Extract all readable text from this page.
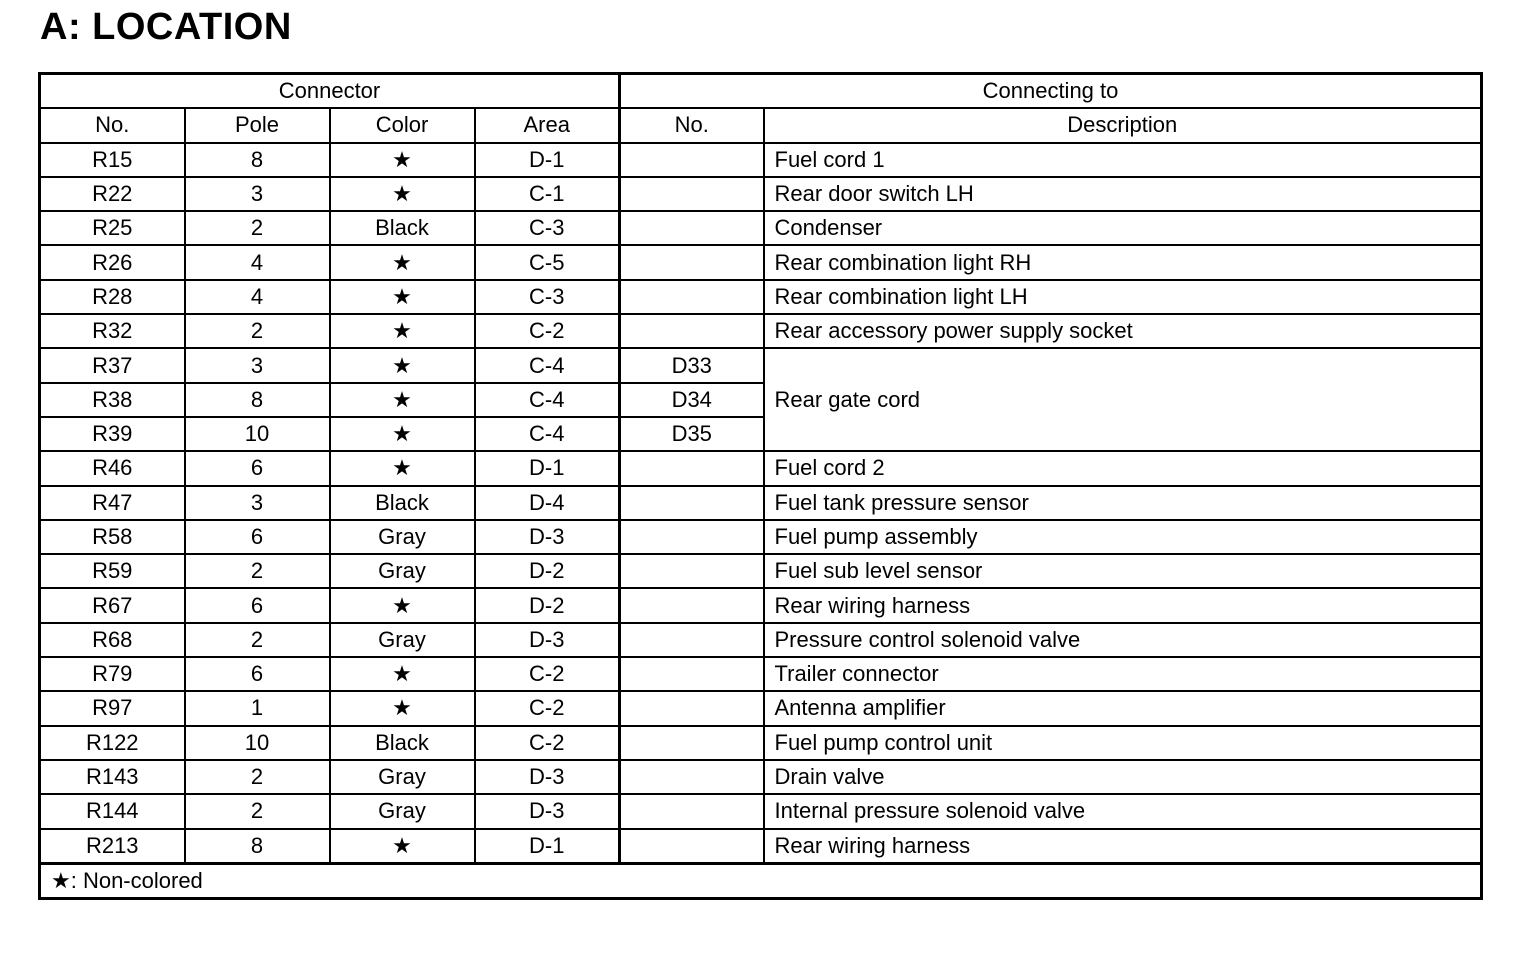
A: LOCATION
Connector				Connecting to	
No.	Pole	Color	Area	No.	Description
R15	8	★	D-1		Fuel cord 1
R22	3	★	C-1		Rear door switch LH
R25	2	Black	C-3		Condenser
R26	4	★	C-5		Rear combination light RH
R28	4	★	C-3		Rear combination light LH
R32	2	★	C-2		Rear accessory power supply socket
R37	3	★	C-4	D33	Rear gate cord
R38	8	★	C-4	D34	
R39	10	★	C-4	D35	
R46	6	★	D-1		Fuel cord 2
R47	3	Black	D-4		Fuel tank pressure sensor
R58	6	Gray	D-3		Fuel pump assembly
R59	2	Gray	D-2		Fuel sub level sensor
R67	6	★	D-2		Rear wiring harness
R68	2	Gray	D-3		Pressure control solenoid valve
R79	6	★	C-2		Trailer connector
R97	1	★	C-2		Antenna amplifier
R122	10	Black	C-2		Fuel pump control unit
R143	2	Gray	D-3		Drain valve
R144	2	Gray	D-3		Internal pressure solenoid valve
R213	8	★	D-1		Rear wiring harness
★: Non-colored					
